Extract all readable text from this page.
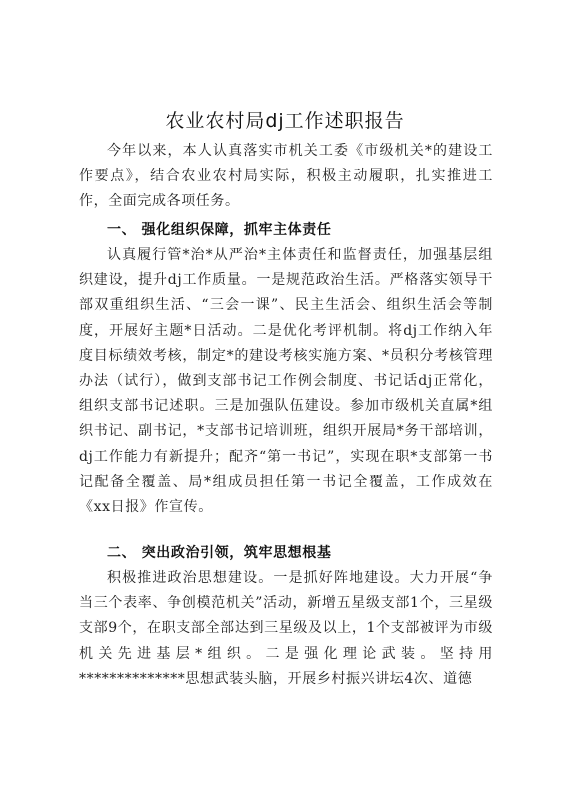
农业农村局dj工作述职报告
今年以来，本人认真落实市机关工委《市级机关*的建设工作要点》，结合农业农村局实际，积极主动履职，扎实推进工作，全面完成各项任务。
一、 强化组织保障，抓牢主体责任
认真履行管*治*从严治*主体责任和监督责任，加强基层组织建设，提升dj工作质量。一是规范政治生活。严格落实领导干部双重组织生活、“三会一课”、民主生活会、组织生活会等制度，开展好主题*日活动。二是优化考评机制。将dj工作纳入年度目标绩效考核，制定*的建设考核实施方案、*员积分考核管理办法（试行），做到支部书记工作例会制度、书记话dj正常化，组织支部书记述职。三是加强队伍建设。参加市级机关直属*组织书记、副书记，*支部书记培训班，组织开展局*务干部培训，dj工作能力有新提升；配齐“第一书记”，实现在职*支部第一书记配备全覆盖、局*组成员担任第一书记全覆盖，工作成效在《xx日报》作宣传。
二、 突出政治引领，筑牢思想根基
积极推进政治思想建设。一是抓好阵地建设。大力开展“争当三个表率、争创模范机关”活动，新增五星级支部1个，三星级支部9个，在职支部全部达到三星级及以上，1个支部被评为市级机关先进基层*组织。二是强化理论武装。坚持用**************思想武装头脑，开展乡村振兴讲坛4次、道德
